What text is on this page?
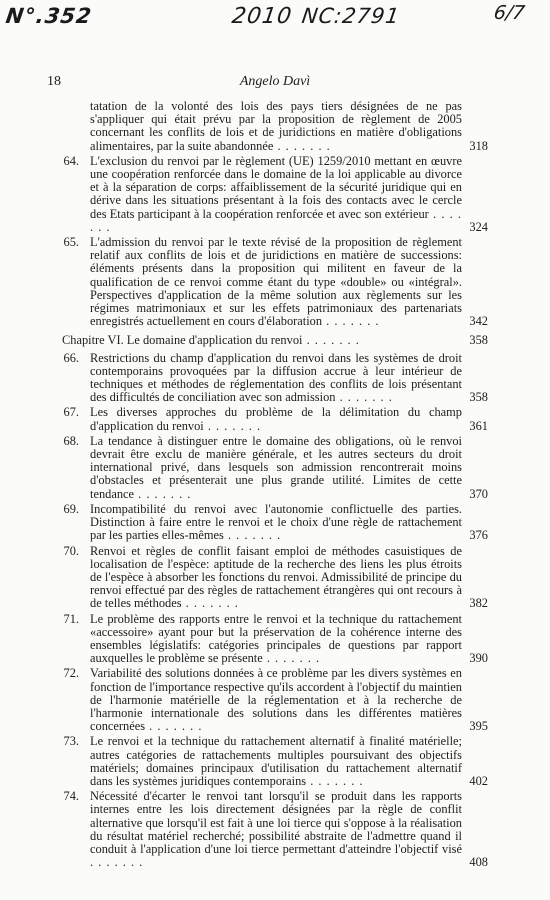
N°.352	2010 NC:2791	6/7
18	Angelo Davì
tatation de la volonté des lois des pays tiers désignées de ne pas s'appliquer qui était prévu par la proposition de règlement de 2005 concernant les conflits de lois et de juridictions en matière d'obligations alimentaires, par la suite abandonnée . . . . . . .	318
64. L'exclusion du renvoi par le règlement (UE) 1259/2010 mettant en œuvre une coopération renforcée dans le domaine de la loi applicable au divorce et à la séparation de corps: affaiblissement de la sécurité juridique qui en dérive dans les situations présentant à la fois des contacts avec le cercle des Etats participant à la coopération renforcée et avec son extérieur . . . . . . .	324
65. L'admission du renvoi par le texte révisé de la proposition de règlement relatif aux conflits de lois et de juridictions en matière de successions: éléments présents dans la proposition qui militent en faveur de la qualification de ce renvoi comme étant du type «double» ou «intégral». Perspectives d'application de la même solution aux règlements sur les régimes matrimoniaux et sur les effets patrimoniaux des partenariats enregistrés actuellement en cours d'élaboration . . . . . . .	342
Chapitre VI. Le domaine d'application du renvoi . . . . . . .	358
66. Restrictions du champ d'application du renvoi dans les systèmes de droit contemporains provoquées par la diffusion accrue à leur intérieur de techniques et méthodes de réglementation des conflits de lois présentant des difficultés de conciliation avec son admission . . . . . . .	358
67. Les diverses approches du problème de la délimitation du champ d'application du renvoi . . . . . . .	361
68. La tendance à distinguer entre le domaine des obligations, où le renvoi devrait être exclu de manière générale, et les autres secteurs du droit international privé, dans lesquels son admission rencontrerait moins d'obstacles et présenterait une plus grande utilité. Limites de cette tendance . . . . . . .	370
69. Incompatibilité du renvoi avec l'autonomie conflictuelle des parties. Distinction à faire entre le renvoi et le choix d'une règle de rattachement par les parties elles-mêmes . . . . . . .	376
70. Renvoi et règles de conflit faisant emploi de méthodes casuistiques de localisation de l'espèce: aptitude de la recherche des liens les plus étroits de l'espèce à absorber les fonctions du renvoi. Admissibilité de principe du renvoi effectué par des règles de rattachement étrangères qui ont recours à de telles méthodes . . . . . . .	382
71. Le problème des rapports entre le renvoi et la technique du rattachement «accessoire» ayant pour but la préservation de la cohérence interne des ensembles législatifs: catégories principales de questions par rapport auxquelles le problème se présente . . . . . . .	390
72. Variabilité des solutions données à ce problème par les divers systèmes en fonction de l'importance respective qu'ils accordent à l'objectif du maintien de l'harmonie matérielle de la réglementation et à la recherche de l'harmonie internationale des solutions dans les différentes matières concernées . . . . . . .	395
73. Le renvoi et la technique du rattachement alternatif à finalité matérielle; autres catégories de rattachements multiples poursuivant des objectifs matériels; domaines principaux d'utilisation du rattachement alternatif dans les systèmes juridiques contemporains . . . . . . .	402
74. Nécessité d'écarter le renvoi tant lorsqu'il se produit dans les rapports internes entre les lois directement désignées par la règle de conflit alternative que lorsqu'il est fait à une loi tierce qui s'oppose à la réalisation du résultat matériel recherché; possibilité abstraite de l'admettre quand il conduit à l'application d'une loi tierce permettant d'atteindre l'objectif visé . . . . . . .	408
